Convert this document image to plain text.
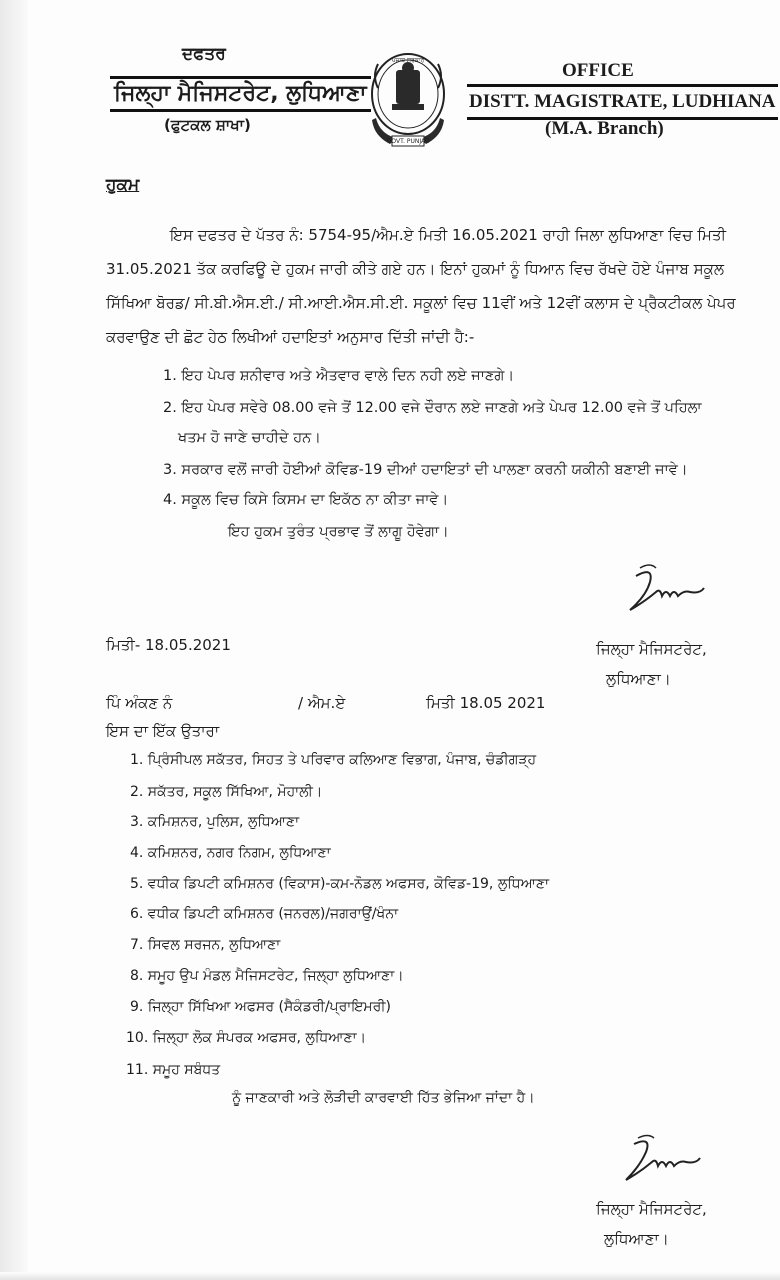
ਦਫਤਰ
ਜਿਲ੍ਹਾ ਮੈਜਿਸਟਰੇਟ, ਲੁਧਿਆਣਾ
(ਫੁਟਕਲ ਸ਼ਾਖਾ)
GOVT. PUNJAB
ਪੰਜਾਬ ਸਰਕਾਰ	OFFICE
DISTT. MAGISTRATE, LUDHIANA
(M.A. Branch)
ਹੁਕਮ
ਇਸ ਦਫਤਰ ਦੇ ਪੱਤਰ ਨੰ: 5754-95/ਐਮ.ਏ ਮਿਤੀ 16.05.2021 ਰਾਹੀ ਜਿਲਾ ਲੁਧਿਆਣਾ ਵਿਚ ਮਿਤੀ
31.05.2021 ਤੱਕ ਕਰਫਿਊ ਦੇ ਹੁਕਮ ਜਾਰੀ ਕੀਤੇ ਗਏ ਹਨ। ਇਨਾਂ ਹੁਕਮਾਂ ਨੂੰ ਧਿਆਨ ਵਿਚ ਰੱਖਦੇ ਹੋਏ ਪੰਜਾਬ ਸਕੂਲ
ਸਿੱਖਿਆ ਬੋਰਡ/ ਸੀ.ਬੀ.ਐਸ.ਈ./ ਸੀ.ਆਈ.ਐਸ.ਸੀ.ਈ. ਸਕੂਲਾਂ ਵਿਚ 11ਵੀਂ ਅਤੇ 12ਵੀਂ ਕਲਾਸ ਦੇ ਪ੍ਰੈਕਟੀਕਲ ਪੇਪਰ
ਕਰਵਾਉਣ ਦੀ ਛੋਟ ਹੇਠ ਲਿਖੀਆਂ ਹਦਾਇਤਾਂ ਅਨੁਸਾਰ ਦਿੱਤੀ ਜਾਂਦੀ ਹੈ:-
1. ਇਹ ਪੇਪਰ ਸ਼ਨੀਵਾਰ ਅਤੇ ਐਤਵਾਰ ਵਾਲੇ ਦਿਨ ਨਹੀ ਲਏ ਜਾਣਗੇ।
2. ਇਹ ਪੇਪਰ ਸਵੇਰੇ 08.00 ਵਜੇ ਤੋਂ 12.00 ਵਜੇ ਦੌਰਾਨ ਲਏ ਜਾਣਗੇ ਅਤੇ ਪੇਪਰ 12.00 ਵਜੇ ਤੋਂ ਪਹਿਲਾ
ਖਤਮ ਹੋ ਜਾਣੇ ਚਾਹੀਦੇ ਹਨ।
3. ਸਰਕਾਰ ਵਲੋਂ ਜਾਰੀ ਹੋਈਆਂ ਕੋਵਿਡ-19 ਦੀਆਂ ਹਦਾਇਤਾਂ ਦੀ ਪਾਲਣਾ ਕਰਨੀ ਯਕੀਨੀ ਬਣਾਈ ਜਾਵੇ।
4. ਸਕੂਲ ਵਿਚ ਕਿਸੇ ਕਿਸਮ ਦਾ ਇਕੱਠ ਨਾ ਕੀਤਾ ਜਾਵੇ।
ਇਹ ਹੁਕਮ ਤੁਰੰਤ ਪ੍ਰਭਾਵ ਤੋਂ ਲਾਗੂ ਹੋਵੇਗਾ।
ਮਿਤੀ- 18.05.2021	ਜਿਲ੍ਹਾ ਮੈਜਿਸਟਰੇਟ,
ਲੁਧਿਆਣਾ।
ਪਿੰ ਅੰਕਣ ਨੰ	/ ਐਮ.ਏ	ਮਿਤੀ 18.05 2021
ਇਸ ਦਾ ਇੱਕ ਉਤਾਰਾ
1. ਪ੍ਰਿੰਸੀਪਲ ਸਕੱਤਰ, ਸਿਹਤ ਤੇ ਪਰਿਵਾਰ ਕਲਿਆਣ ਵਿਭਾਗ, ਪੰਜਾਬ, ਚੰਡੀਗੜ੍ਹ
2. ਸਕੱਤਰ, ਸਕੂਲ ਸਿੱਖਿਆ, ਮੋਹਾਲੀ।
3. ਕਮਿਸ਼ਨਰ, ਪੁਲਿਸ, ਲੁਧਿਆਣਾ
4. ਕਮਿਸ਼ਨਰ, ਨਗਰ ਨਿਗਮ, ਲੁਧਿਆਣਾ
5. ਵਧੀਕ ਡਿਪਟੀ ਕਮਿਸ਼ਨਰ (ਵਿਕਾਸ)-ਕਮ-ਨੋਡਲ ਅਫਸਰ, ਕੋਵਿਡ-19, ਲੁਧਿਆਣਾ
6. ਵਧੀਕ ਡਿਪਟੀ ਕਮਿਸ਼ਨਰ (ਜਨਰਲ)/ਜਗਰਾਉਂ/ਖੰਨਾ
7. ਸਿਵਲ ਸਰਜਨ, ਲੁਧਿਆਣਾ
8. ਸਮੂਹ ਉਪ ਮੰਡਲ ਮੈਜਿਸਟਰੇਟ, ਜਿਲ੍ਹਾ ਲੁਧਿਆਣਾ।
9. ਜਿਲ੍ਹਾ ਸਿੱਖਿਆ ਅਫਸਰ (ਸੈਕੰਡਰੀ/ਪ੍ਰਾਇਮਰੀ)
10. ਜਿਲ੍ਹਾ ਲੋਕ ਸੰਪਰਕ ਅਫਸਰ, ਲੁਧਿਆਣਾ।
11. ਸਮੂਹ ਸਬੰਧਤ
ਨੂੰ ਜਾਣਕਾਰੀ ਅਤੇ ਲੋੜੀਦੀ ਕਾਰਵਾਈ ਹਿੱਤ ਭੇਜਿਆ ਜਾਂਦਾ ਹੈ।
ਜਿਲ੍ਹਾ ਮੈਜਿਸਟਰੇਟ,
ਲੁਧਿਆਣਾ।
